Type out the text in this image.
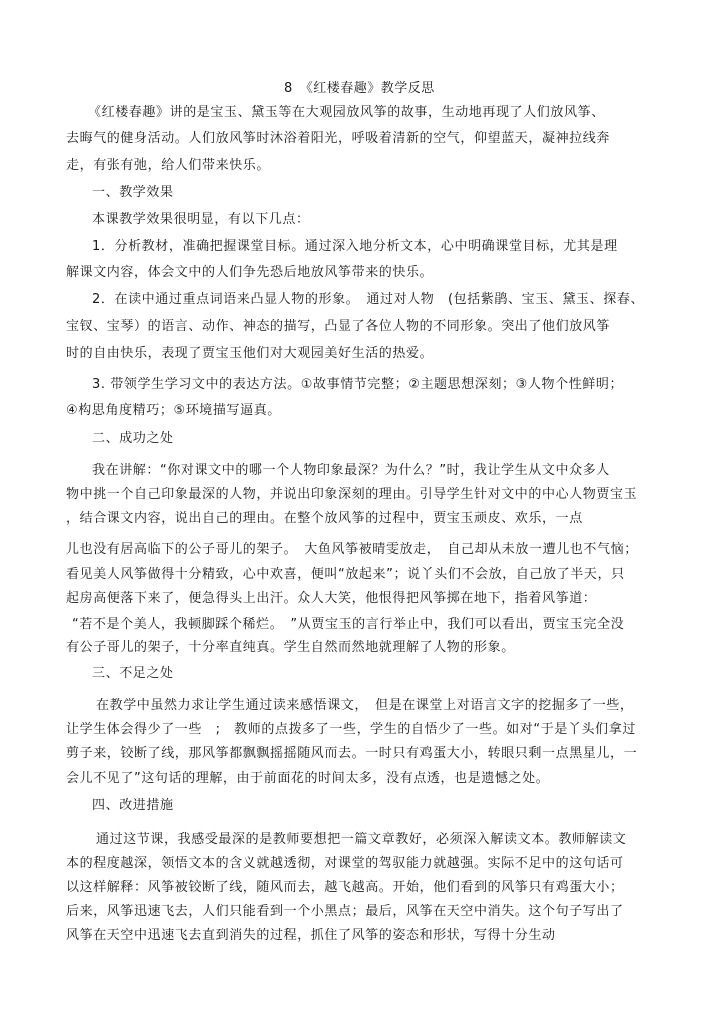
8　《红楼春趣》教学反思

《红楼春趣》讲的是宝玉、黛玉等在大观园放风筝的故事，生动地再现了人们放风筝、

去晦气的健身活动。人们放风筝时沐浴着阳光，呼吸着清新的空气，仰望蓝天，凝神拉线奔

走，有张有弛，给人们带来快乐。

一、教学效果

本课教学效果很明显，有以下几点：

1．分析教材，准确把握课堂目标。通过深入地分析文本，心中明确课堂目标，尤其是理

解课文内容，体会文中的人们争先恐后地放风筝带来的快乐。

2．在读中通过重点词语来凸显人物的形象。　通过对人物　(包括紫鹃、宝玉、黛玉、探春、

宝钗、宝琴）的语言、动作、神态的描写，凸显了各位人物的不同形象。突出了他们放风筝

时的自由快乐，表现了贾宝玉他们对大观园美好生活的热爱。

3. 带领学生学习文中的表达方法。①故事情节完整；②主题思想深刻；③人物个性鲜明；

④构思角度精巧；⑤环境描写逼真。

二、成功之处

我在讲解：“你对课文中的哪一个人物印象最深？为什么？”时，我让学生从文中众多人

物中挑一个自己印象最深的人物，并说出印象深刻的理由。引导学生针对文中的中心人物贾宝玉

，结合课文内容，说出自己的理由。在整个放风筝的过程中，贾宝玉顽皮、欢乐，一点

儿也没有居高临下的公子哥儿的架子。　大鱼风筝被晴雯放走，　自己却从未放一遭儿也不气恼；

看见美人风筝做得十分精致，心中欢喜，便叫“放起来”；说丫头们不会放，自己放了半天，只

起房高便落下来了，便急得头上出汗。众人大笑，他恨得把风筝掷在地下，指着风筝道：

“若不是个美人，我顿脚踩个稀烂。　”从贾宝玉的言行举止中，我们可以看出，贾宝玉完全没

有公子哥儿的架子，十分率直纯真。学生自然而然地就理解了人物的形象。

三、不足之处

在教学中虽然力求让学生通过读来感悟课文，　但是在课堂上对语言文字的挖掘多了一些，

让学生体会得少了一些　;　教师的点拨多了一些，学生的自悟少了一些。如对“于是丫头们拿过

剪子来，铰断了线，那风筝都飘飘摇摇随风而去。一时只有鸡蛋大小，转眼只剩一点黑星儿，一

会儿不见了”这句话的理解，由于前面花的时间太多，没有点透，也是遗憾之处。

四、改进措施

通过这节课，我感受最深的是教师要想把一篇文章教好，必须深入解读文本。教师解读文

本的程度越深，领悟文本的含义就越透彻，对课堂的驾驭能力就越强。实际不足中的这句话可

以这样解释：风筝被铰断了线，随风而去，越飞越高。开始，他们看到的风筝只有鸡蛋大小；

后来，风筝迅速飞去，人们只能看到一个小黑点；最后，风筝在天空中消失。这个句子写出了

风筝在天空中迅速飞去直到消失的过程，抓住了风筝的姿态和形状，写得十分生动
